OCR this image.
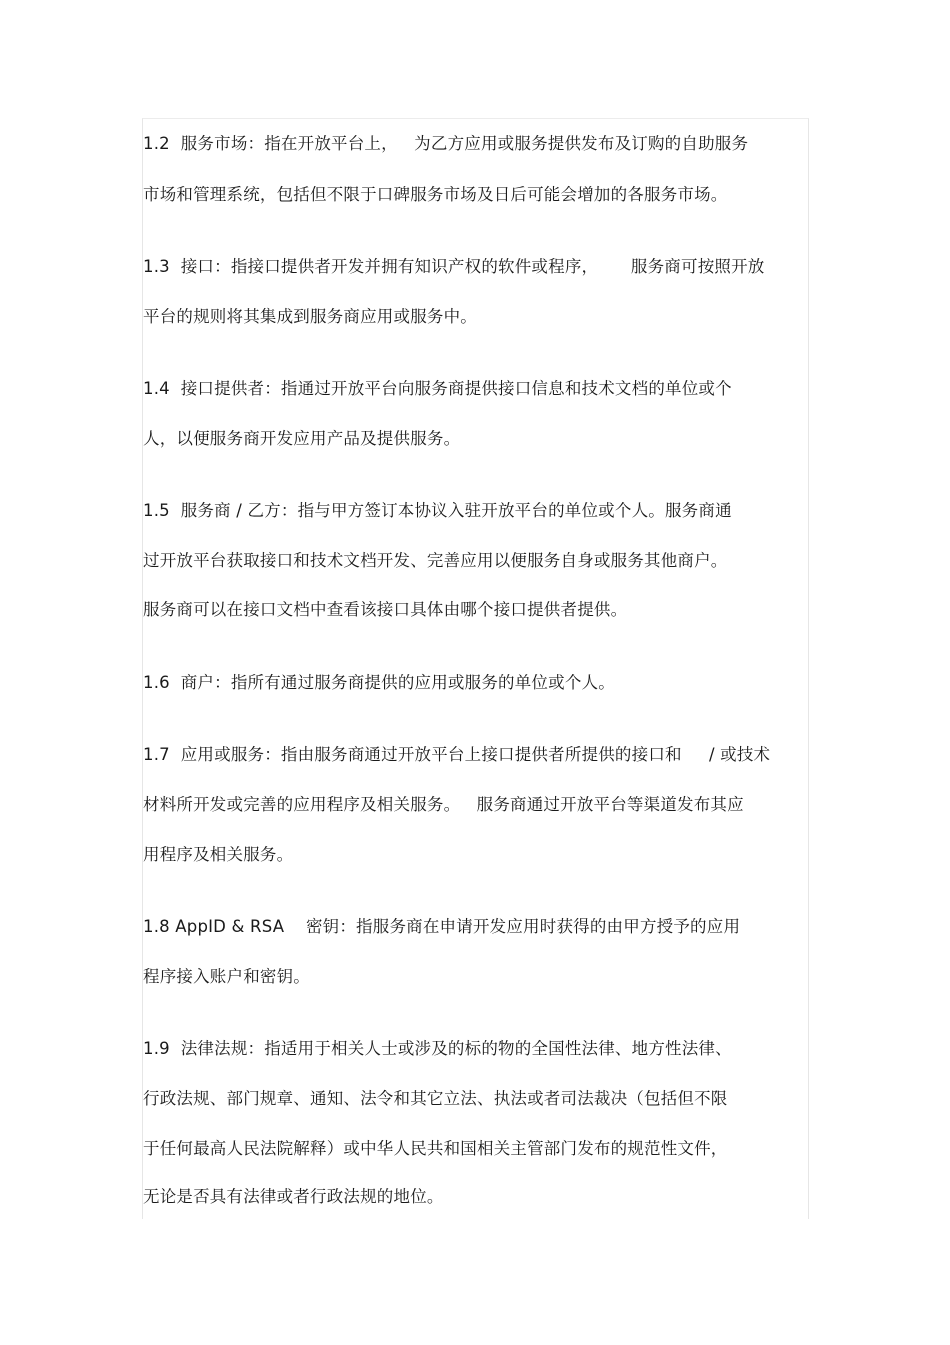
1.2  服务市场：指在开放平台上，   为乙方应用或服务提供发布及订购的自助服务
市场和管理系统，包括但不限于口碑服务市场及日后可能会增加的各服务市场。
1.3  接口：指接口提供者开发并拥有知识产权的软件或程序，      服务商可按照开放
平台的规则将其集成到服务商应用或服务中。
1.4  接口提供者：指通过开放平台向服务商提供接口信息和技术文档的单位或个
人，以便服务商开发应用产品及提供服务。
1.5  服务商 / 乙方：指与甲方签订本协议入驻开放平台的单位或个人。服务商通
过开放平台获取接口和技术文档开发、完善应用以便服务自身或服务其他商户。
服务商可以在接口文档中查看该接口具体由哪个接口提供者提供。
1.6  商户：指所有通过服务商提供的应用或服务的单位或个人。
1.7  应用或服务：指由服务商通过开放平台上接口提供者所提供的接口和     / 或技术
材料所开发或完善的应用程序及相关服务。   服务商通过开放平台等渠道发布其应
用程序及相关服务。
1.8 AppID & RSA    密钥：指服务商在申请开发应用时获得的由甲方授予的应用
程序接入账户和密钥。
1.9  法律法规：指适用于相关人士或涉及的标的物的全国性法律、地方性法律、
行政法规、部门规章、通知、法令和其它立法、执法或者司法裁决（包括但不限
于任何最高人民法院解释）或中华人民共和国相关主管部门发布的规范性文件，
无论是否具有法律或者行政法规的地位。
